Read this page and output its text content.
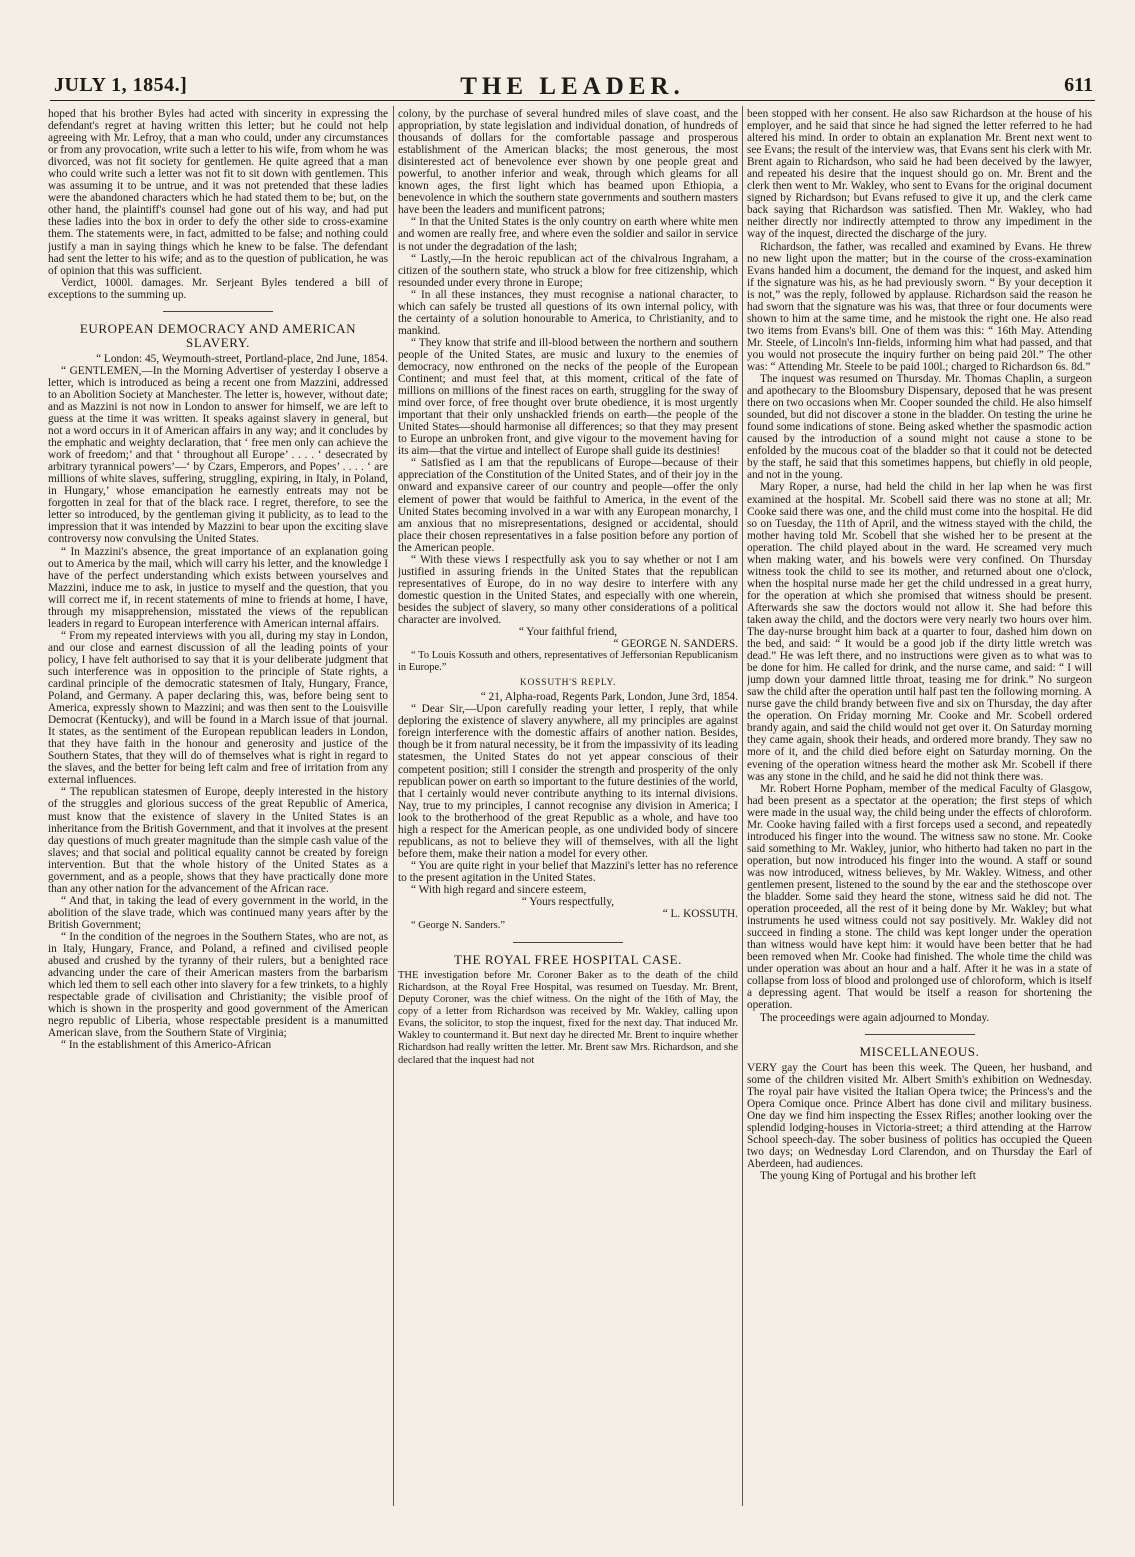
JULY 1, 1854.]	THE LEADER.	611

hoped that his brother Byles had acted with sincerity in expressing the defendant's regret at having written this letter; but he could not help agreeing with Mr. Lefroy, that a man who could, under any circumstances or from any provocation, write such a letter to his wife, from whom he was divorced, was not fit society for gentlemen. He quite agreed that a man who could write such a letter was not fit to sit down with gentlemen. This was assuming it to be untrue, and it was not pretended that these ladies were the abandoned characters which he had stated them to be; but, on the other hand, the plaintiff's counsel had gone out of his way, and had put these ladies into the box in order to defy the other side to cross-examine them. The statements were, in fact, admitted to be false; and nothing could justify a man in saying things which he knew to be false. The defendant had sent the letter to his wife; and as to the question of publication, he was of opinion that this was sufficient.

Verdict, 1000l. damages. Mr. Serjeant Byles tendered a bill of exceptions to the summing up.

EUROPEAN DEMOCRACY AND AMERICAN SLAVERY.

“ London: 45, Weymouth-street, Portland-place, 2nd June, 1854.

“ GENTLEMEN,—In the Morning Advertiser of yesterday I observe a letter, which is introduced as being a recent one from Mazzini, addressed to an Abolition Society at Manchester. The letter is, however, without date; and as Mazzini is not now in London to answer for himself, we are left to guess at the time it was written. It speaks against slavery in general, but not a word occurs in it of American affairs in any way; and it concludes by the emphatic and weighty declaration, that ‘ free men only can achieve the work of freedom;’ and that ‘ throughout all Europe’ . . . . ‘ desecrated by arbitrary tyrannical powers’—‘ by Czars, Emperors, and Popes’ . . . . ‘ are millions of white slaves, suffering, struggling, expiring, in Italy, in Poland, in Hungary,’ whose emancipation he earnestly entreats may not be forgotten in zeal for that of the black race. I regret, therefore, to see the letter so introduced, by the gentleman giving it publicity, as to lead to the impression that it was intended by Mazzini to bear upon the exciting slave controversy now convulsing the United States.

“ In Mazzini's absence, the great importance of an explanation going out to America by the mail, which will carry his letter, and the knowledge I have of the perfect understanding which exists between yourselves and Mazzini, induce me to ask, in justice to myself and the question, that you will correct me if, in recent statements of mine to friends at home, I have, through my misapprehension, misstated the views of the republican leaders in regard to European interference with American internal affairs.

“ From my repeated interviews with you all, during my stay in London, and our close and earnest discussion of all the leading points of your policy, I have felt authorised to say that it is your deliberate judgment that such interference was in opposition to the principle of State rights, a cardinal principle of the democratic statesmen of Italy, Hungary, France, Poland, and Germany. A paper declaring this, was, before being sent to America, expressly shown to Mazzini; and was then sent to the Louisville Democrat (Kentucky), and will be found in a March issue of that journal. It states, as the sentiment of the European republican leaders in London, that they have faith in the honour and generosity and justice of the Southern States, that they will do of themselves what is right in regard to the slaves, and the better for being left calm and free of irritation from any external influences.

“ The republican statesmen of Europe, deeply interested in the history of the struggles and glorious success of the great Republic of America, must know that the existence of slavery in the United States is an inheritance from the British Government, and that it involves at the present day questions of much greater magnitude than the simple cash value of the slaves; and that social and political equality cannot be created by foreign intervention. But that the whole history of the United States as a government, and as a people, shows that they have practically done more than any other nation for the advancement of the African race.

“ And that, in taking the lead of every government in the world, in the abolition of the slave trade, which was continued many years after by the British Government;

“ In the condition of the negroes in the Southern States, who are not, as in Italy, Hungary, France, and Poland, a refined and civilised people abused and crushed by the tyranny of their rulers, but a benighted race advancing under the care of their American masters from the barbarism which led them to sell each other into slavery for a few trinkets, to a highly respectable grade of civilisation and Christianity; the visible proof of which is shown in the prosperity and good government of the American negro republic of Liberia, whose respectable president is a manumitted American slave, from the Southern State of Virginia;

“ In the establishment of this Americo-African

colony, by the purchase of several hundred miles of slave coast, and the appropriation, by state legislation and individual donation, of hundreds of thousands of dollars for the comfortable passage and prosperous establishment of the American blacks; the most generous, the most disinterested act of benevolence ever shown by one people great and powerful, to another inferior and weak, through which gleams for all known ages, the first light which has beamed upon Ethiopia, a benevolence in which the southern state governments and southern masters have been the leaders and munificent patrons;

“ In that the United States is the only country on earth where white men and women are really free, and where even the soldier and sailor in service is not under the degradation of the lash;

“ Lastly,—In the heroic republican act of the chivalrous Ingraham, a citizen of the southern state, who struck a blow for free citizenship, which resounded under every throne in Europe;

“ In all these instances, they must recognise a national character, to which can safely be trusted all questions of its own internal policy, with the certainty of a solution honourable to America, to Christianity, and to mankind.

“ They know that strife and ill-blood between the northern and southern people of the United States, are music and luxury to the enemies of democracy, now enthroned on the necks of the people of the European Continent; and must feel that, at this moment, critical of the fate of millions on millions of the finest races on earth, struggling for the sway of mind over force, of free thought over brute obedience, it is most urgently important that their only unshackled friends on earth—the people of the United States—should harmonise all differences; so that they may present to Europe an unbroken front, and give vigour to the movement having for its aim—that the virtue and intellect of Europe shall guide its destinies!

“ Satisfied as I am that the republicans of Europe—because of their appreciation of the Constitution of the United States, and of their joy in the onward and expansive career of our country and people—offer the only element of power that would be faithful to America, in the event of the United States becoming involved in a war with any European monarchy, I am anxious that no misrepresentations, designed or accidental, should place their chosen representatives in a false position before any portion of the American people.

“ With these views I respectfully ask you to say whether or not I am justified in assuring friends in the United States that the republican representatives of Europe, do in no way desire to interfere with any domestic question in the United States, and especially with one wherein, besides the subject of slavery, so many other considerations of a political character are involved.

“ Your faithful friend,

“ GEORGE N. SANDERS.

“ To Louis Kossuth and others, representatives of Jeffersonian Republicanism in Europe.”

KOSSUTH'S REPLY.

“ 21, Alpha-road, Regents Park, London, June 3rd, 1854.

“ Dear Sir,—Upon carefully reading your letter, I reply, that while deploring the existence of slavery anywhere, all my principles are against foreign interference with the domestic affairs of another nation. Besides, though be it from natural necessity, be it from the impassivity of its leading statesmen, the United States do not yet appear conscious of their competent position; still I consider the strength and prosperity of the only republican power on earth so important to the future destinies of the world, that I certainly would never contribute anything to its internal divisions. Nay, true to my principles, I cannot recognise any division in America; I look to the brotherhood of the great Republic as a whole, and have too high a respect for the American people, as one undivided body of sincere republicans, as not to believe they will of themselves, with all the light before them, make their nation a model for every other.

“ You are quite right in your belief that Mazzini's letter has no reference to the present agitation in the United States.

“ With high regard and sincere esteem,

“ Yours respectfully,

“ L. KOSSUTH.

“ George N. Sanders.”

THE ROYAL FREE HOSPITAL CASE.

THE investigation before Mr. Coroner Baker as to the death of the child Richardson, at the Royal Free Hospital, was resumed on Tuesday. Mr. Brent, Deputy Coroner, was the chief witness. On the night of the 16th of May, the copy of a letter from Richardson was received by Mr. Wakley, calling upon Evans, the solicitor, to stop the inquest, fixed for the next day. That induced Mr. Wakley to countermand it. But next day he directed Mr. Brent to inquire whether Richardson had really written the letter. Mr. Brent saw Mrs. Richardson, and she declared that the inquest had not

been stopped with her consent. He also saw Richardson at the house of his employer, and he said that since he had signed the letter referred to he had altered his mind. In order to obtain an explanation Mr. Brent next went to see Evans; the result of the interview was, that Evans sent his clerk with Mr. Brent again to Richardson, who said he had been deceived by the lawyer, and repeated his desire that the inquest should go on. Mr. Brent and the clerk then went to Mr. Wakley, who sent to Evans for the original document signed by Richardson; but Evans refused to give it up, and the clerk came back saying that Richardson was satisfied. Then Mr. Wakley, who had neither directly nor indirectly attempted to throw any impediment in the way of the inquest, directed the discharge of the jury.

Richardson, the father, was recalled and examined by Evans. He threw no new light upon the matter; but in the course of the cross-examination Evans handed him a document, the demand for the inquest, and asked him if the signature was his, as he had previously sworn. “ By your deception it is not,” was the reply, followed by applause. Richardson said the reason he had sworn that the signature was his was, that three or four documents were shown to him at the same time, and he mistook the right one. He also read two items from Evans's bill. One of them was this: “ 16th May. Attending Mr. Steele, of Lincoln's Inn-fields, informing him what had passed, and that you would not prosecute the inquiry further on being paid 20l.” The other was: “ Attending Mr. Steele to be paid 100l.; charged to Richardson 6s. 8d.”

The inquest was resumed on Thursday. Mr. Thomas Chaplin, a surgeon and apothecary to the Bloomsbury Dispensary, deposed that he was present there on two occasions when Mr. Cooper sounded the child. He also himself sounded, but did not discover a stone in the bladder. On testing the urine he found some indications of stone. Being asked whether the spasmodic action caused by the introduction of a sound might not cause a stone to be enfolded by the mucous coat of the bladder so that it could not be detected by the staff, he said that this sometimes happens, but chiefly in old people, and not in the young.

Mary Roper, a nurse, had held the child in her lap when he was first examined at the hospital. Mr. Scobell said there was no stone at all; Mr. Cooke said there was one, and the child must come into the hospital. He did so on Tuesday, the 11th of April, and the witness stayed with the child, the mother having told Mr. Scobell that she wished her to be present at the operation. The child played about in the ward. He screamed very much when making water, and his bowels were very confined. On Thursday witness took the child to see its mother, and returned about one o'clock, when the hospital nurse made her get the child undressed in a great hurry, for the operation at which she promised that witness should be present. Afterwards she saw the doctors would not allow it. She had before this taken away the child, and the doctors were very nearly two hours over him. The day-nurse brought him back at a quarter to four, dashed him down on the bed, and said: “ It would be a good job if the dirty little wretch was dead.” He was left there, and no instructions were given as to what was to be done for him. He called for drink, and the nurse came, and said: “ I will jump down your damned little throat, teasing me for drink.” No surgeon saw the child after the operation until half past ten the following morning. A nurse gave the child brandy between five and six on Thursday, the day after the operation. On Friday morning Mr. Cooke and Mr. Scobell ordered brandy again, and said the child would not get over it. On Saturday morning they came again, shook their heads, and ordered more brandy. They saw no more of it, and the child died before eight on Saturday morning. On the evening of the operation witness heard the mother ask Mr. Scobell if there was any stone in the child, and he said he did not think there was.

Mr. Robert Horne Popham, member of the medical Faculty of Glasgow, had been present as a spectator at the operation; the first steps of which were made in the usual way, the child being under the effects of chloroform. Mr. Cooke having failed with a first forceps used a second, and repeatedly introduced his finger into the wound. The witness saw no stone. Mr. Cooke said something to Mr. Wakley, junior, who hitherto had taken no part in the operation, but now introduced his finger into the wound. A staff or sound was now introduced, witness believes, by Mr. Wakley. Witness, and other gentlemen present, listened to the sound by the ear and the stethoscope over the bladder. Some said they heard the stone, witness said he did not. The operation proceeded, all the rest of it being done by Mr. Wakley; but what instruments he used witness could not say positively. Mr. Wakley did not succeed in finding a stone. The child was kept longer under the operation than witness would have kept him: it would have been better that he had been removed when Mr. Cooke had finished. The whole time the child was under operation was about an hour and a half. After it he was in a state of collapse from loss of blood and prolonged use of chloroform, which is itself a depressing agent. That would be itself a reason for shortening the operation.

The proceedings were again adjourned to Monday.

MISCELLANEOUS.

VERY gay the Court has been this week. The Queen, her husband, and some of the children visited Mr. Albert Smith's exhibition on Wednesday. The royal pair have visited the Italian Opera twice; the Princess's and the Opera Comique once. Prince Albert has done civil and military business. One day we find him inspecting the Essex Rifles; another looking over the splendid lodging-houses in Victoria-street; a third attending at the Harrow School speech-day. The sober business of politics has occupied the Queen two days; on Wednesday Lord Clarendon, and on Thursday the Earl of Aberdeen, had audiences.

The young King of Portugal and his brother left
